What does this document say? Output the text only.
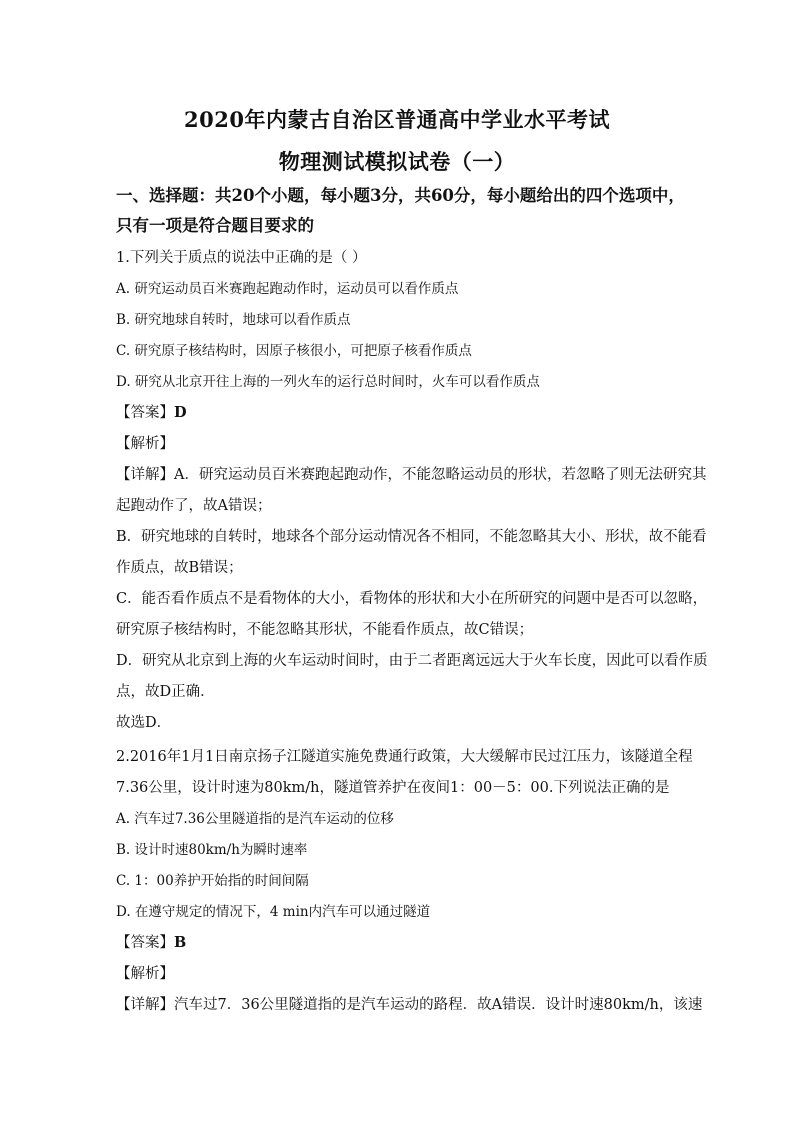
2020年内蒙古自治区普通高中学业水平考试
物理测试模拟试卷（一）
一、选择题：共20个小题，每小题3分，共60分，每小题给出的四个选项中，
只有一项是符合题目要求的
1.下列关于质点的说法中正确的是（ ）
A. 研究运动员百米赛跑起跑动作时，运动员可以看作质点
B. 研究地球自转时，地球可以看作质点
C. 研究原子核结构时，因原子核很小，可把原子核看作质点
D. 研究从北京开往上海的一列火车的运行总时间时，火车可以看作质点
【答案】D
【解析】
【详解】A．研究运动员百米赛跑起跑动作，不能忽略运动员的形状，若忽略了则无法研究其
起跑动作了，故A错误；
B．研究地球的自转时，地球各个部分运动情况各不相同，不能忽略其大小、形状，故不能看
作质点，故B错误；
C．能否看作质点不是看物体的大小，看物体的形状和大小在所研究的问题中是否可以忽略，
研究原子核结构时，不能忽略其形状，不能看作质点，故C错误；
D．研究从北京到上海的火车运动时间时，由于二者距离远远大于火车长度，因此可以看作质
点，故D正确．
故选D．
2.2016年1月1日南京扬子江隧道实施免费通行政策，大大缓解市民过江压力，该隧道全程
7.36公里，设计时速为80km/h，隧道管养护在夜间1：00－5：00.下列说法正确的是
A. 汽车过7.36公里隧道指的是汽车运动的位移
B. 设计时速80km/h为瞬时速率
C. 1：00养护开始指的时间间隔
D. 在遵守规定的情况下，4 min内汽车可以通过隧道
【答案】B
【解析】
【详解】汽车过7．36公里隧道指的是汽车运动的路程．故A错误．设计时速80km/h，该速
